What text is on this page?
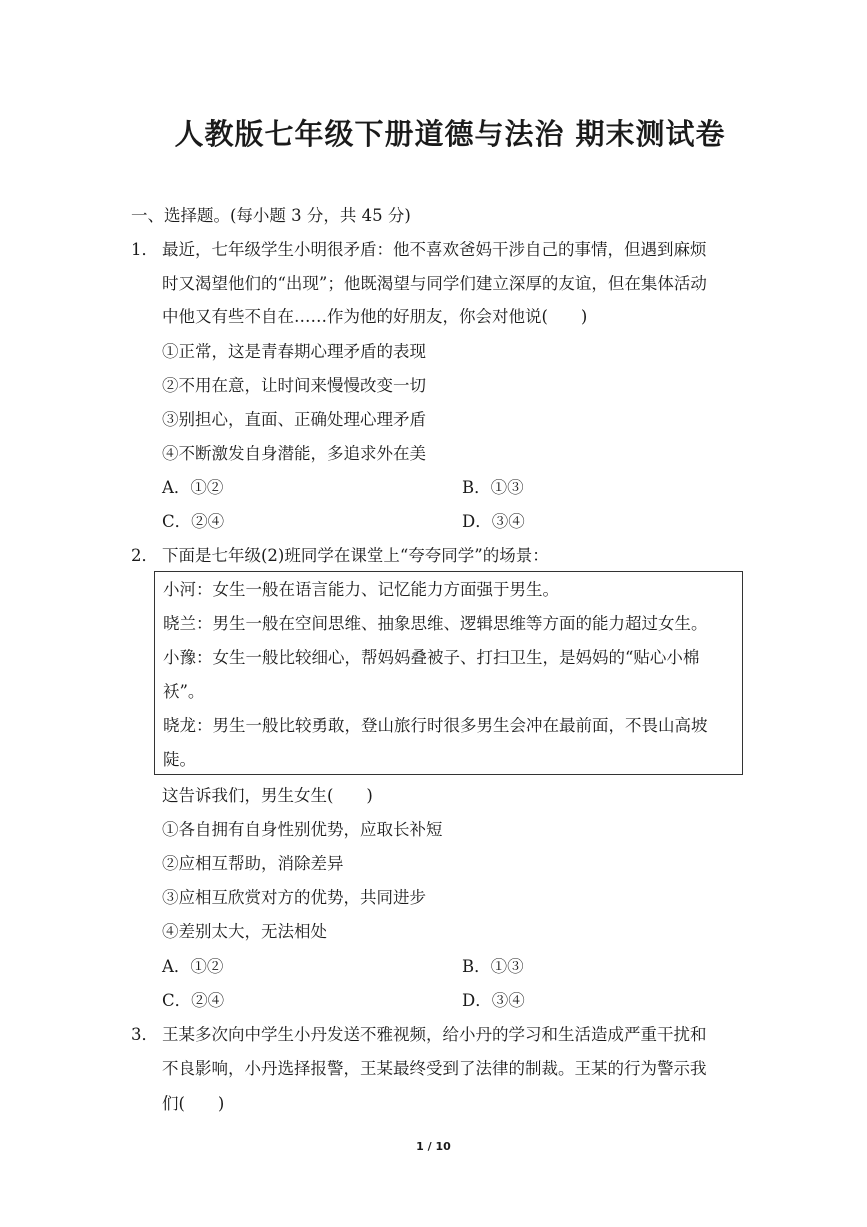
人教版七年级下册道德与法治 期末测试卷
一、选择题。(每小题 3 分，共 45 分)
1． 最近，七年级学生小明很矛盾：他不喜欢爸妈干涉自己的事情，但遇到麻烦
时又渴望他们的“出现”；他既渴望与同学们建立深厚的友谊，但在集体活动
中他又有些不自在……作为他的好朋友，你会对他说(　　)
①正常，这是青春期心理矛盾的表现
②不用在意，让时间来慢慢改变一切
③别担心，直面、正确处理心理矛盾
④不断激发自身潜能，多追求外在美
A．①②	B．①③
C．②④	D．③④
2． 下面是七年级(2)班同学在课堂上“夸夸同学”的场景：
小河：女生一般在语言能力、记忆能力方面强于男生。
晓兰：男生一般在空间思维、抽象思维、逻辑思维等方面的能力超过女生。
小豫：女生一般比较细心，帮妈妈叠被子、打扫卫生，是妈妈的“贴心小棉
袄”。
晓龙：男生一般比较勇敢，登山旅行时很多男生会冲在最前面，不畏山高坡
陡。
这告诉我们，男生女生(　　)
①各自拥有自身性别优势，应取长补短
②应相互帮助，消除差异
③应相互欣赏对方的优势，共同进步
④差别太大，无法相处
A．①②	B．①③
C．②④	D．③④
3． 王某多次向中学生小丹发送不雅视频，给小丹的学习和生活造成严重干扰和
不良影响，小丹选择报警，王某最终受到了法律的制裁。王某的行为警示我
们(　　)
1 / 10
